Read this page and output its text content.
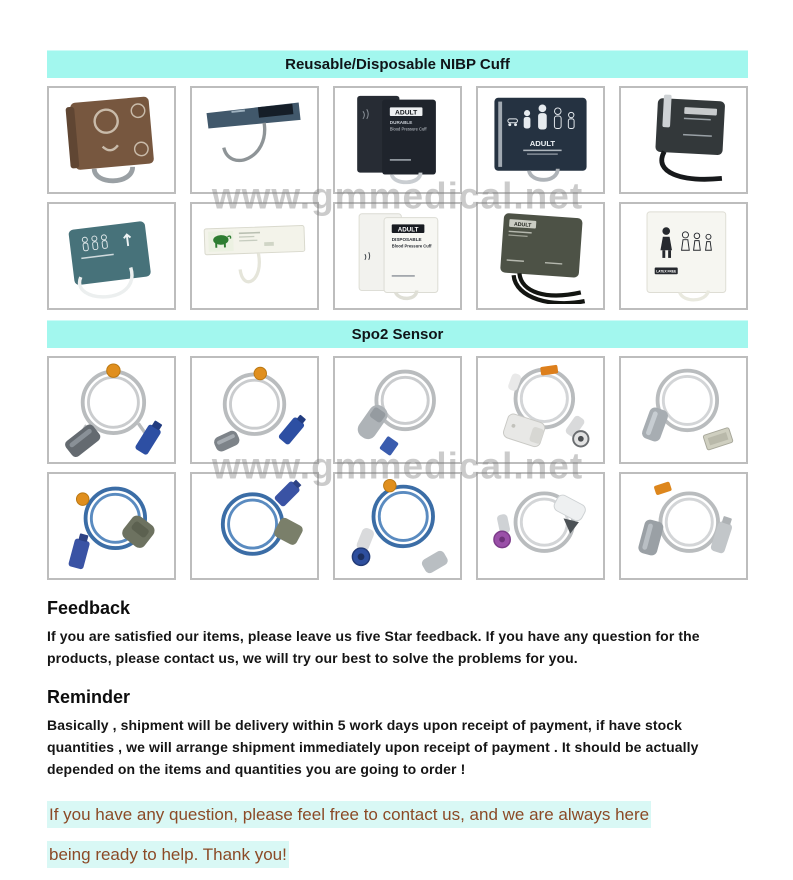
Reusable/Disposable NIBP Cuff
ADULT
DURABLE
Blood Pressure Cuff
ADULT
ADULT
DISPOSABLE
Blood Pressure Cuff
ADULT
LATEX FREE
www.gmmedical.net
Spo2 Sensor
www.gmmedical.net
Feedback

If you are satisfied our items, please leave us five Star feedback. If you have any question for the products, please contact us, we will try our best to solve the problems for you.

Reminder

Basically , shipment will be delivery within 5 work days upon receipt of payment, if have stock quantities , we will arrange shipment immediately upon receipt of payment . It should be actually depended on the items and quantities you are going to order !

If you have any question, please feel free to contact us, and we are always here

being ready to help. Thank you!
